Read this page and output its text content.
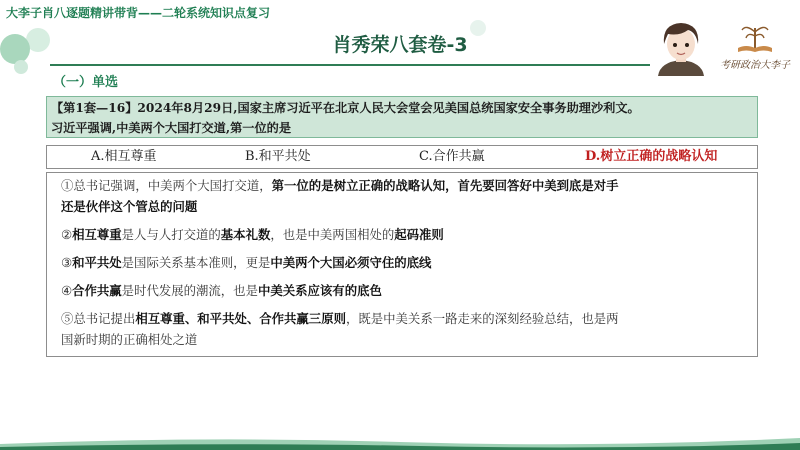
大李子肖八逐题精讲带背——二轮系统知识点复习
肖秀荣八套卷-3
（一）单选
考研政治大李子
【第1套—16】2024年8月29日,国家主席习近平在北京人民大会堂会见美国总统国家安全事务助理沙利文。
习近平强调,中美两个大国打交道,第一位的是
A.相互尊重	B.和平共处	C.合作共赢	D.树立正确的战略认知

①总书记强调，中美两个大国打交道，第一位的是树立正确的战略认知，首先要回答好中美到底是对手
还是伙伴这个管总的问题

②相互尊重是人与人打交道的基本礼数，也是中美两国相处的起码准则

③和平共处是国际关系基本准则，更是中美两个大国必须守住的底线

④合作共赢是时代发展的潮流，也是中美关系应该有的底色

⑤总书记提出相互尊重、和平共处、合作共赢三原则，既是中美关系一路走来的深刻经验总结，也是两
国新时期的正确相处之道
